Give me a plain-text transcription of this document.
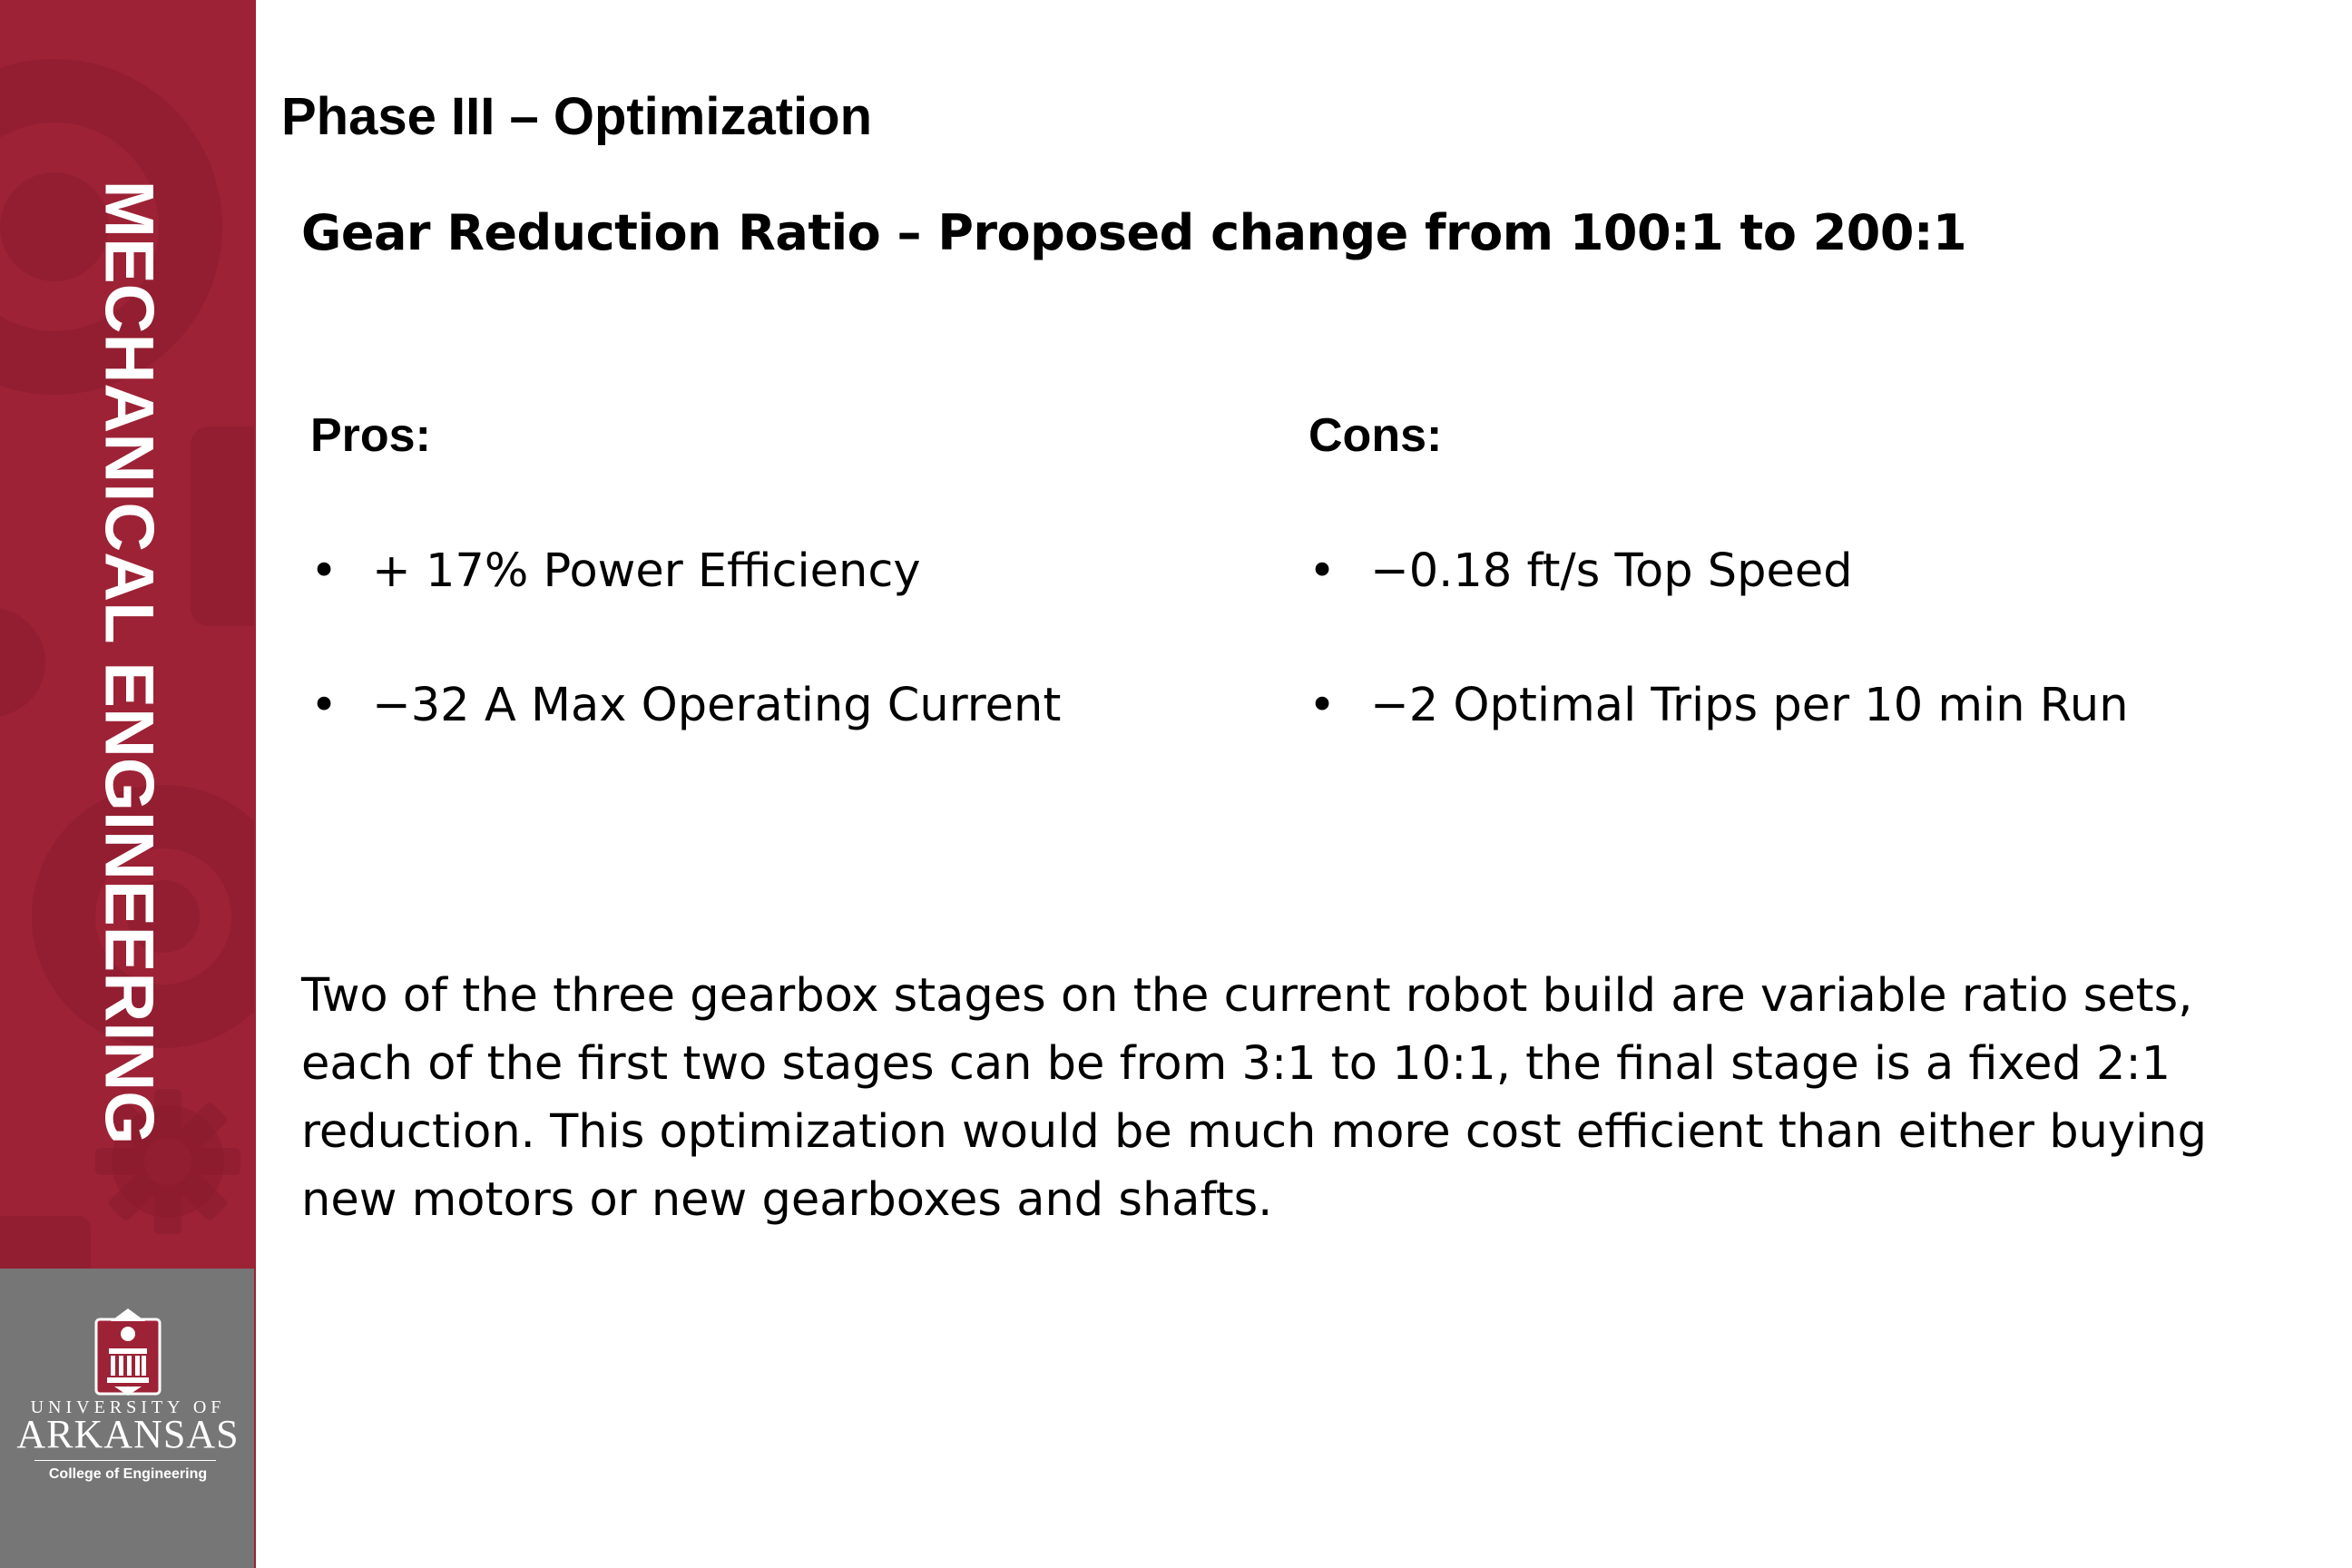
MECHANICAL ENGINEERING
UNIVERSITY OF
ARKANSAS
College of Engineering
Phase III – Optimization
Gear Reduction Ratio – Proposed change from 100:1 to 200:1
Pros:	Cons:
• + 17% Power Efficiency
• −32 A Max Operating Current
• −0.18 ft/s Top Speed
• −2 Optimal Trips per 10 min Run
Two of the three gearbox stages on the current robot build are variable ratio sets,
each of the first two stages can be from 3:1 to 10:1, the final stage is a fixed 2:1
reduction. This optimization would be much more cost efficient than either buying
new motors or new gearboxes and shafts.
